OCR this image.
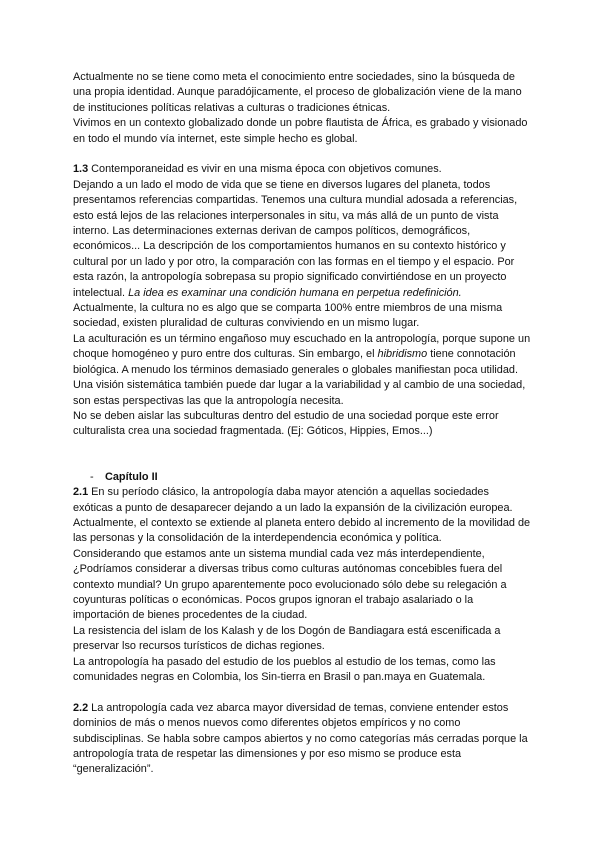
Actualmente no se tiene como meta el conocimiento entre sociedades, sino la búsqueda de una propia identidad. Aunque paradójicamente, el proceso de globalización viene de la mano de instituciones políticas relativas a culturas o tradiciones étnicas.

Vivimos en un contexto globalizado donde un pobre flautista de África, es grabado y visionado en todo el mundo vía internet, este simple hecho es global.

1.3 Contemporaneidad es vivir en una misma época con objetivos comunes.

Dejando a un lado el modo de vida que se tiene en diversos lugares del planeta, todos presentamos referencias compartidas. Tenemos una cultura mundial adosada a referencias, esto está lejos de las relaciones interpersonales in situ, va más allá de un punto de vista interno. Las determinaciones externas derivan de campos políticos, demográficos, económicos... La descripción de los comportamientos humanos en su contexto histórico y cultural por un lado y por otro, la comparación con las formas en el tiempo y el espacio. Por esta razón, la antropología sobrepasa su propio significado convirtiéndose en un proyecto intelectual. La idea es examinar una condición humana en perpetua redefinición.

Actualmente, la cultura no es algo que se comparta 100% entre miembros de una misma sociedad, existen pluralidad de culturas conviviendo en un mismo lugar.

La aculturación es un término engañoso muy escuchado en la antropología, porque supone un choque homogéneo y puro entre dos culturas. Sin embargo, el hibridismo tiene connotación biológica. A menudo los términos demasiado generales o globales manifiestan poca utilidad.

Una visión sistemática también puede dar lugar a la variabilidad y al cambio de una sociedad, son estas perspectivas las que la antropología necesita.

No se deben aislar las subculturas dentro del estudio de una sociedad porque este error culturalista crea una sociedad fragmentada. (Ej: Góticos, Hippies, Emos...)

- Capítulo II

2.1 En su período clásico, la antropología daba mayor atención a aquellas sociedades exóticas a punto de desaparecer dejando a un lado la expansión de la civilización europea. Actualmente, el contexto se extiende al planeta entero debido al incremento de la movilidad de las personas y la consolidación de la interdependencia económica y política.

Considerando que estamos ante un sistema mundial cada vez más interdependiente, ¿Podríamos considerar a diversas tribus como culturas autónomas concebibles fuera del contexto mundial? Un grupo aparentemente poco evolucionado sólo debe su relegación a coyunturas políticas o económicas. Pocos grupos ignoran el trabajo asalariado o la importación de bienes procedentes de la ciudad.

La resistencia del islam de los Kalash y de los Dogón de Bandiagara está escenificada a preservar lso recursos turísticos de dichas regiones.

La antropología ha pasado del estudio de los pueblos al estudio de los temas, como las comunidades negras en Colombia, los Sin-tierra en Brasil o pan.maya en Guatemala.

2.2 La antropología cada vez abarca mayor diversidad de temas, conviene entender estos dominios de más o menos nuevos como diferentes objetos empíricos y no como subdisciplinas. Se habla sobre campos abiertos y no como categorías más cerradas porque la antropología trata de respetar las dimensiones y por eso mismo se produce esta “generalización”.
